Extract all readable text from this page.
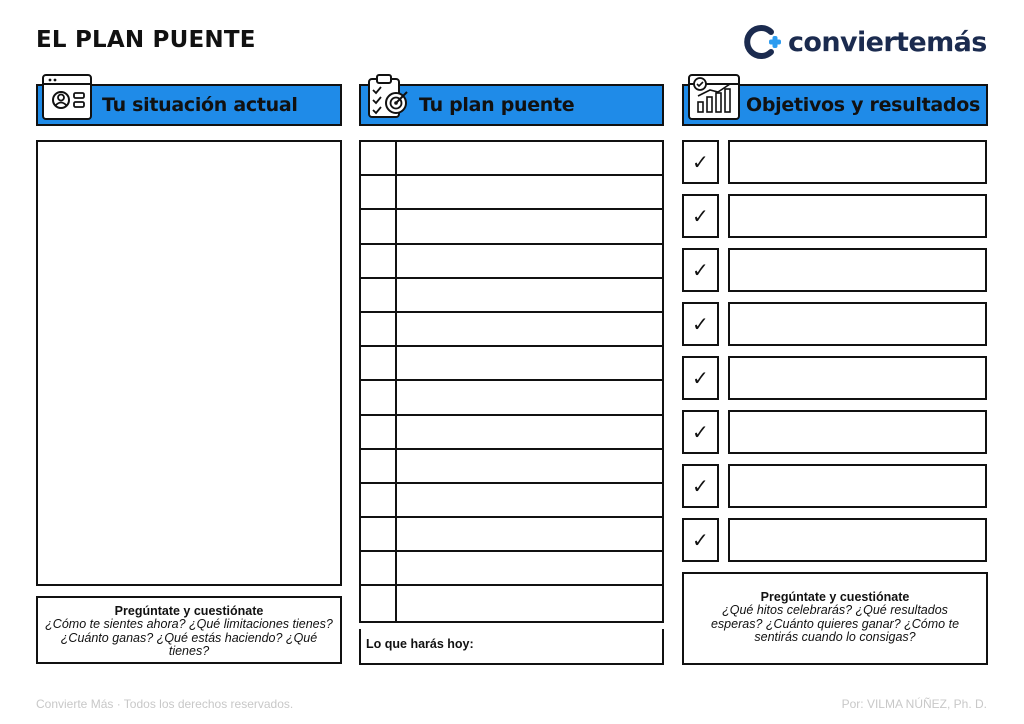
EL PLAN PUENTE	conviertemás
Tu situación actual	Tu plan puente	Objetivos y resultados
Pregúntate y cuestiónate
¿Cómo te sientes ahora? ¿Qué limitaciones tienes? ¿Cuánto ganas? ¿Qué estás haciendo? ¿Qué tienes?	Lo que harás hoy:
✓
✓
✓
✓
✓
✓
✓
✓
Pregúntate y cuestiónate
¿Qué hitos celebrarás? ¿Qué resultados esperas? ¿Cuánto quieres ganar? ¿Cómo te sentirás cuando lo consigas?
Convierte Más · Todos los derechos reservados.	Por: VILMA NÚÑEZ, Ph. D.
